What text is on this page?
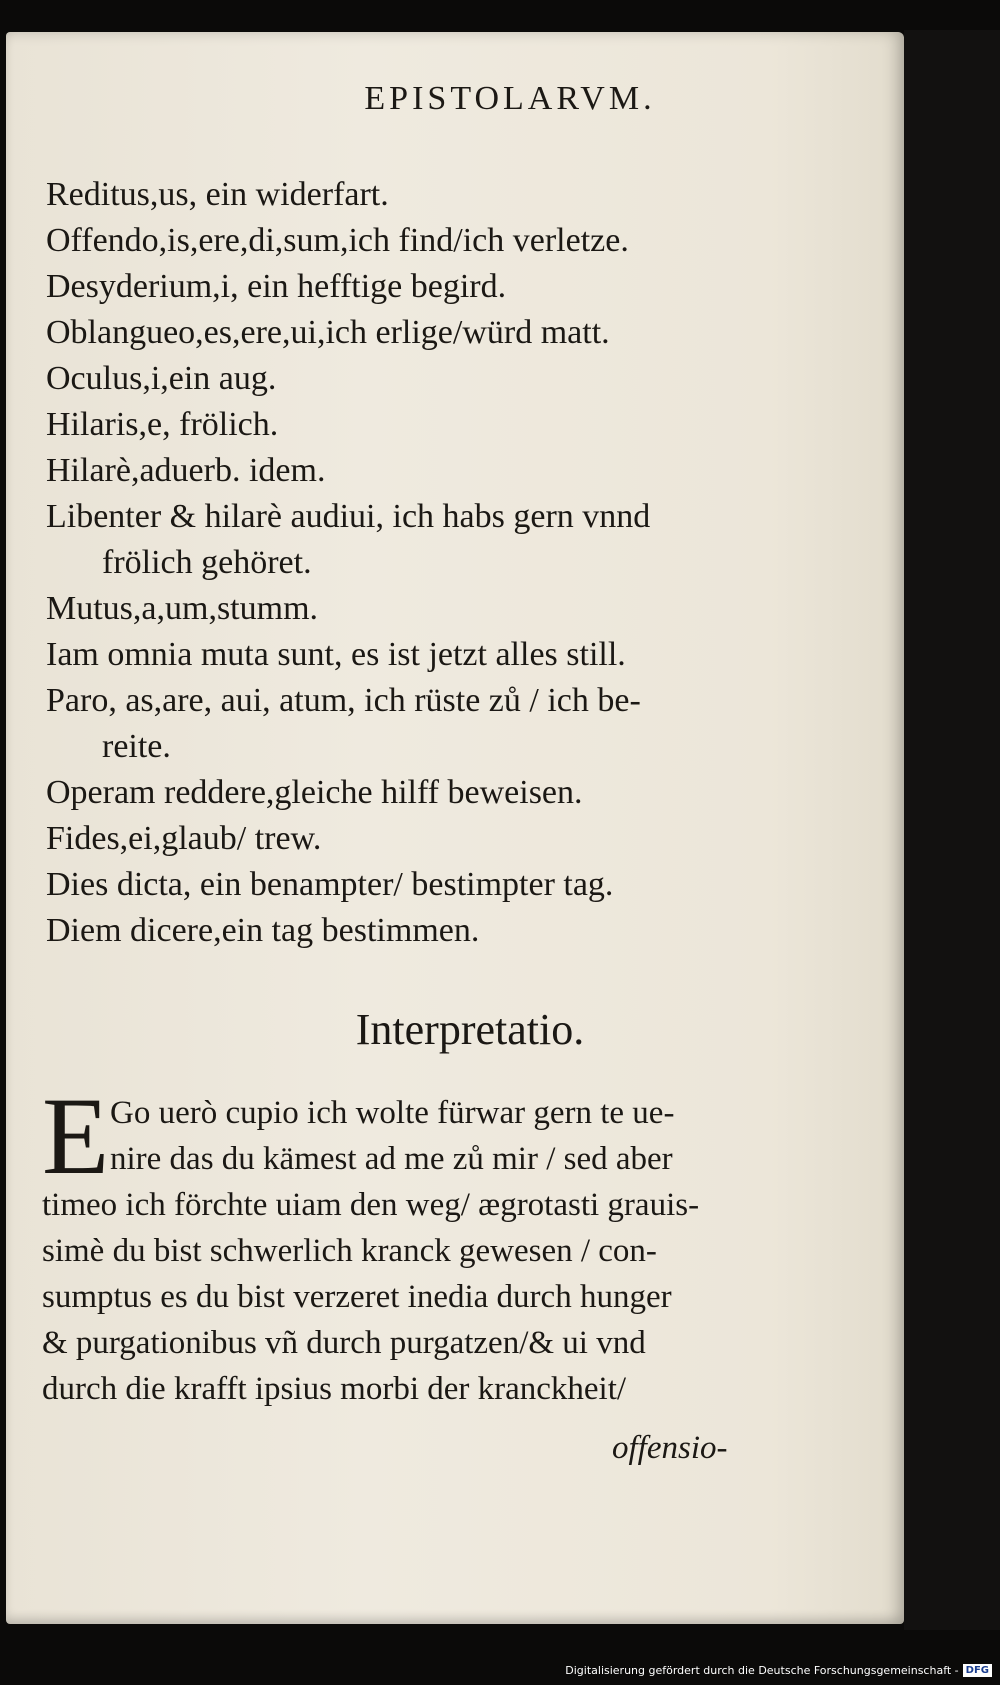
EPISTOLARVM.
Reditus,us, ein widerfart.
Offendo,is,ere,di,sum,ich find/ich verletze.
Desyderium,i, ein hefftige begird.
Oblangueo,es,ere,ui,ich erlige/würd matt.
Oculus,i,ein aug.
Hilaris,e, frölich.
Hilarè,aduerb. idem.
Libenter & hilarè audiui, ich habs gern vnnd
frölich gehöret.
Mutus,a,um,stumm.
Iam omnia muta sunt, es ist jetzt alles still.
Paro, as,are, aui, atum, ich rüste zů / ich be-
reite.
Operam reddere,gleiche hilff beweisen.
Fides,ei,glaub/ trew.
Dies dicta, ein benampter/ bestimpter tag.
Diem dicere,ein tag bestimmen.
Interpretatio.
E Go uerò cupio ich wolte fürwar gern te ue-
nire das du kämest ad me zů mir / sed aber
timeo ich förchte uiam den weg/ ægrotasti grauis-
simè du bist schwerlich kranck gewesen / con-
sumptus es du bist verzeret inedia durch hunger
& purgationibus vñ durch purgatzen/& ui vnd
durch die krafft ipsius morbi der kranckheit/
offensio-
Digitalisierung gefördert durch die Deutsche Forschungsgemeinschaft - DFG
